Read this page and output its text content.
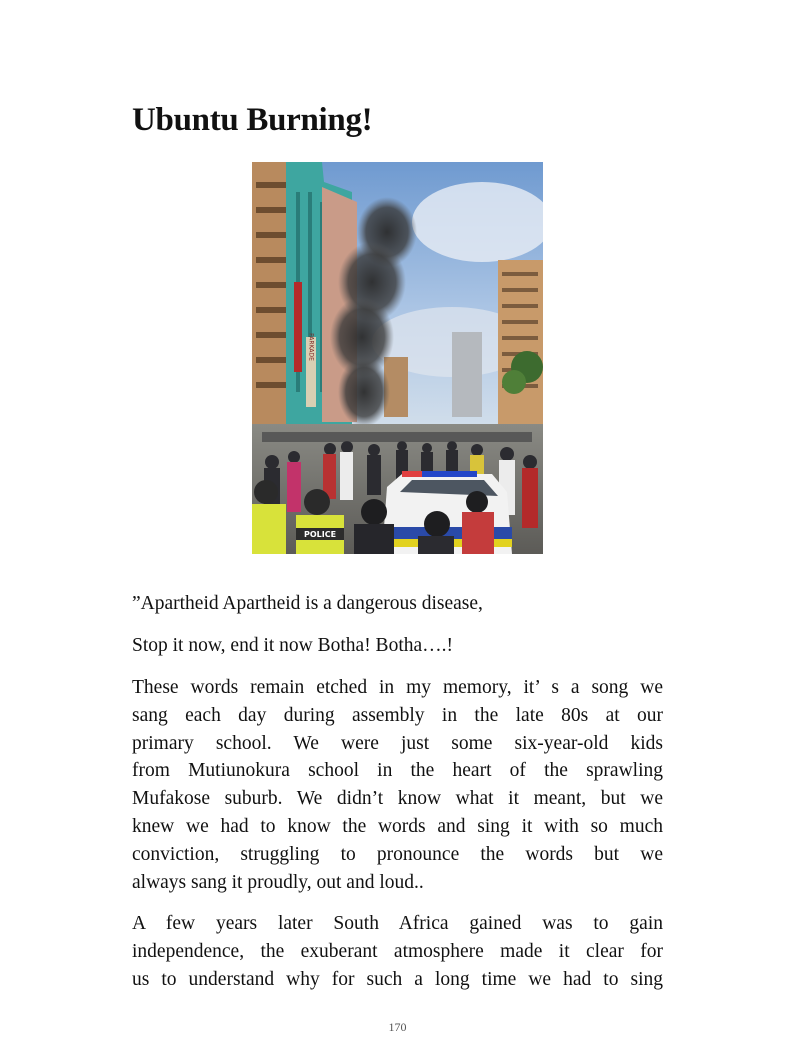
Ubuntu Burning!
PARKADE
POLICE

”Apartheid Apartheid is a dangerous disease,

Stop it now, end it now Botha! Botha….!

These words remain etched in my memory, it’ s a song we

sang each day during assembly in the late 80s at our

primary school. We were just some six-year-old kids

from Mutiunokura school in the heart of the sprawling

Mufakose suburb. We didn’t know what it meant, but we

knew we had to know the words and sing it with so much

conviction, struggling to pronounce the words but we

always sang it proudly, out and loud..

A few years later South Africa gained was to gain

independence, the exuberant atmosphere made it clear for

us to understand why for such a long time we had to sing

170
